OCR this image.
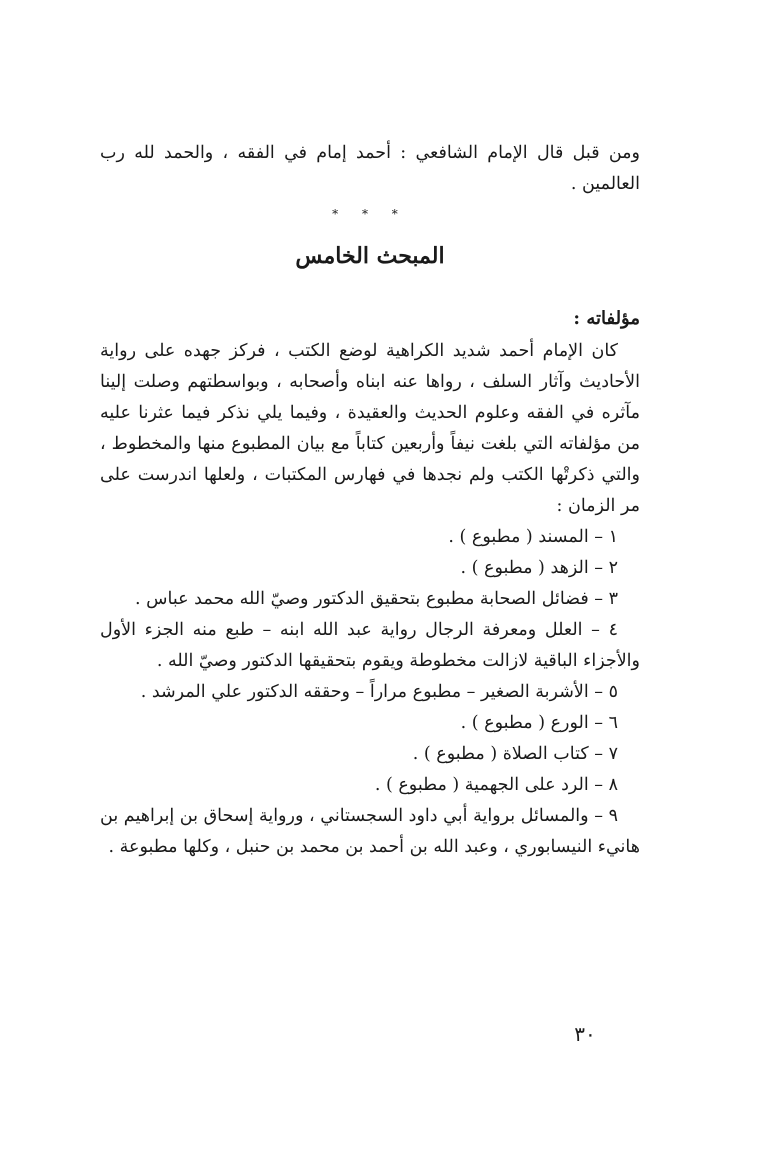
ومن قبل قال الإمام الشافعي : أحمد إمام في الفقه ، والحمد لله رب العالمين .

* * *
المبحث الخامس
مؤلفاته :

كان الإمام أحمد شديد الكراهية لوضع الكتب ، فركز جهده على رواية الأحاديث وآثار السلف ، رواها عنه ابناه وأصحابه ، وبواسطتهم وصلت إلينا مآثره في الفقه وعلوم الحديث والعقيدة ، وفيما يلي نذكر فيما عثرنا عليه من مؤلفاته التي بلغت نيفاً وأربعين كتاباً مع بيان المطبوع منها والمخطوط ، والتي ذكرتْها الكتب ولم نجدها في فهارس المكتبات ، ولعلها اندرست على مر الزمان :

١ – المسند ( مطبوع ) .

٢ – الزهد ( مطبوع ) .

٣ – فضائل الصحابة مطبوع بتحقيق الدكتور وصيّ الله محمد عباس .

٤ – العلل ومعرفة الرجال رواية عبد الله ابنه – طبع منه الجزء الأول والأجزاء الباقية لازالت مخطوطة ويقوم بتحقيقها الدكتور وصيّ الله .

٥ – الأشربة الصغير – مطبوع مراراً – وحققه الدكتور علي المرشد .

٦ – الورع ( مطبوع ) .

٧ – كتاب الصلاة ( مطبوع ) .

٨ – الرد على الجهمية ( مطبوع ) .

٩ – والمسائل برواية أبي داود السجستاني ، ورواية إسحاق بن إبراهيم بن هانيء النيسابوري ، وعبد الله بن أحمد بن محمد بن حنبل ، وكلها مطبوعة .

٣٠
